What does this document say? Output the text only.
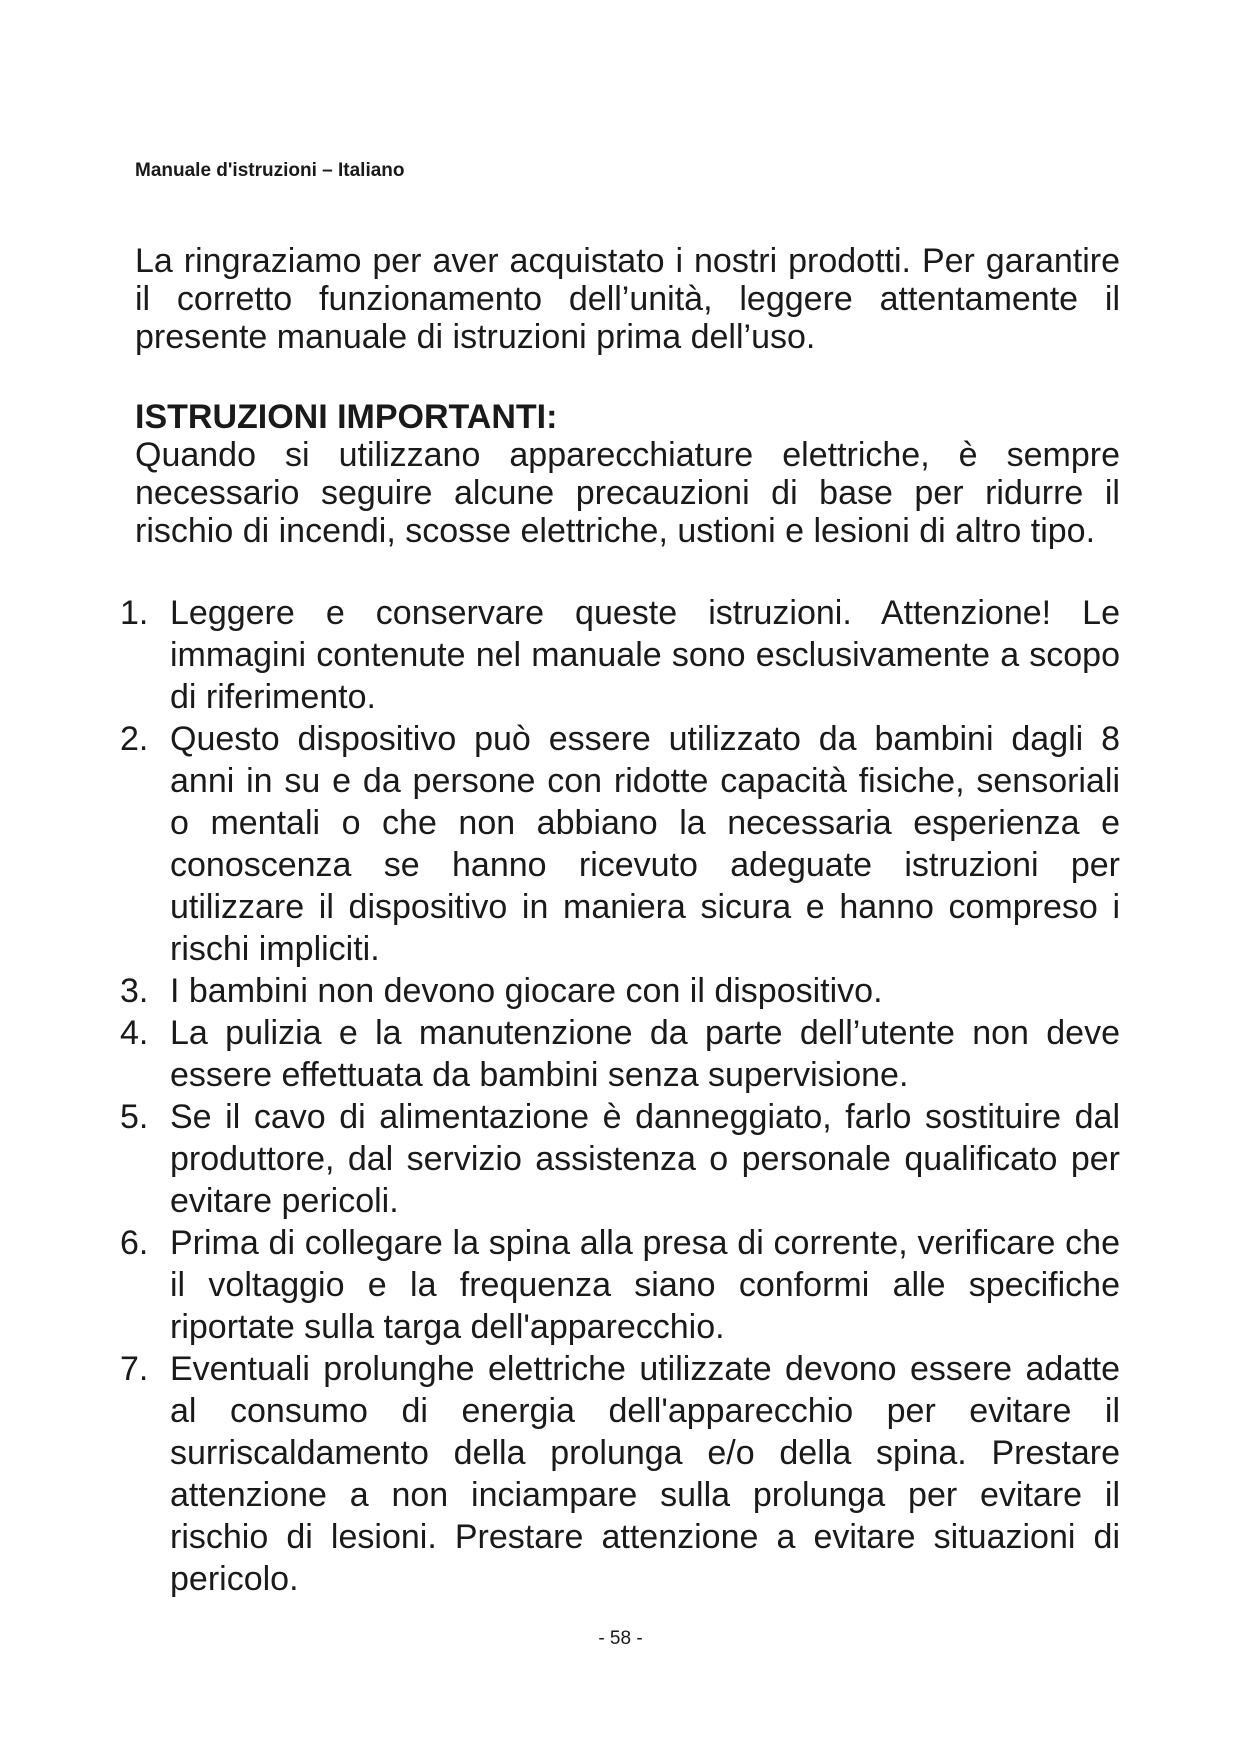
Manuale d'istruzioni – Italiano

La ringraziamo per aver acquistato i nostri prodotti. Per garantire il corretto funzionamento dell’unità, leggere attentamente il presente manuale di istruzioni prima dell’uso.

ISTRUZIONI IMPORTANTI:

Quando si utilizzano apparecchiature elettriche, è sempre necessario seguire alcune precauzioni di base per ridurre il rischio di incendi, scosse elettriche, ustioni e lesioni di altro tipo.

1. Leggere e conservare queste istruzioni. Attenzione! Le immagini contenute nel manuale sono esclusivamente a scopo di riferimento.
2. Questo dispositivo può essere utilizzato da bambini dagli 8 anni in su e da persone con ridotte capacità fisiche, sensoriali o mentali o che non abbiano la necessaria esperienza e conoscenza se hanno ricevuto adeguate istruzioni per utilizzare il dispositivo in maniera sicura e hanno compreso i rischi impliciti.
3. I bambini non devono giocare con il dispositivo.
4. La pulizia e la manutenzione da parte dell’utente non deve essere effettuata da bambini senza supervisione.
5. Se il cavo di alimentazione è danneggiato, farlo sostituire dal produttore, dal servizio assistenza o personale qualificato per evitare pericoli.
6. Prima di collegare la spina alla presa di corrente, verificare che il voltaggio e la frequenza siano conformi alle specifiche riportate sulla targa dell'apparecchio.
7. Eventuali prolunghe elettriche utilizzate devono essere adatte al consumo di energia dell'apparecchio per evitare il surriscaldamento della prolunga e/o della spina. Prestare attenzione a non inciampare sulla prolunga per evitare il rischio di lesioni. Prestare attenzione a evitare situazioni di pericolo.

- 58 -
